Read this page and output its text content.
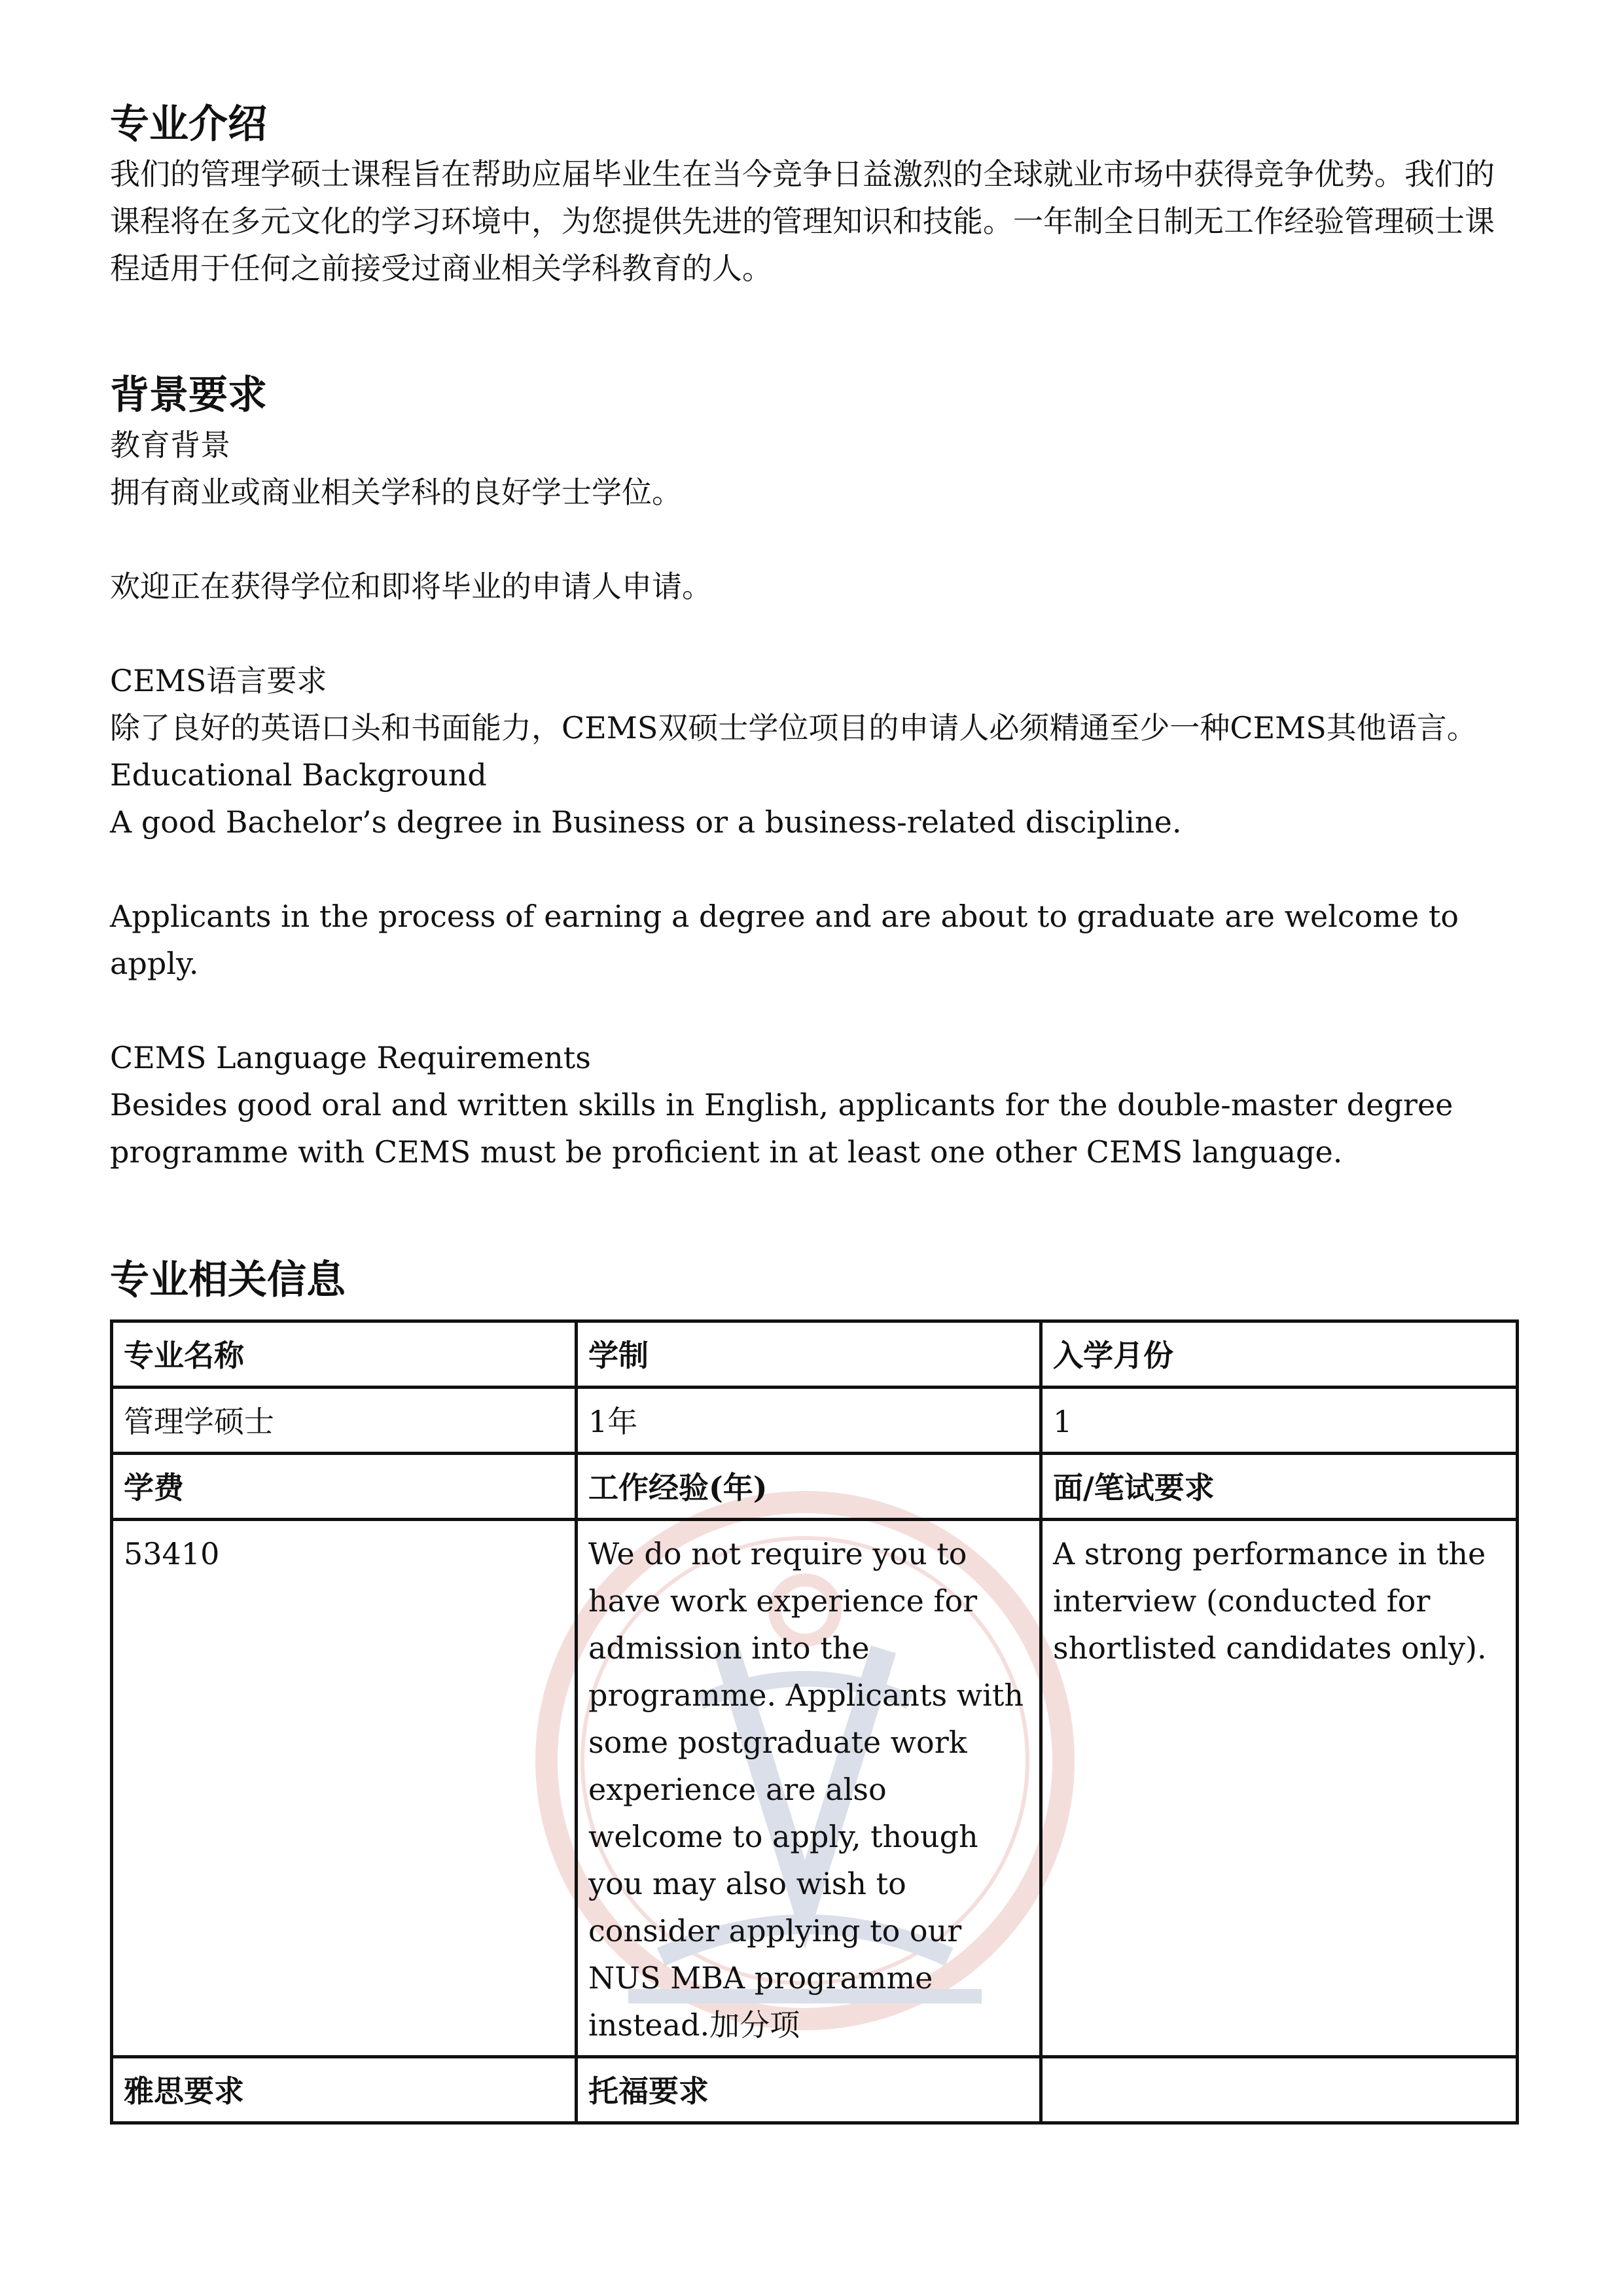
专业介绍

我们的管理学硕士课程旨在帮助应届毕业生在当今竞争日益激烈的全球就业市场中获得竞争优势。我们的课程将在多元文化的学习环境中，为您提供先进的管理知识和技能。一年制全日制无工作经验管理硕士课程适用于任何之前接受过商业相关学科教育的人。

背景要求

教育背景

拥有商业或商业相关学科的良好学士学位。

欢迎正在获得学位和即将毕业的申请人申请。

CEMS语言要求

除了良好的英语口头和书面能力，CEMS双硕士学位项目的申请人必须精通至少一种CEMS其他语言。

Educational Background

A good Bachelor’s degree in Business or a business-related discipline.

Applicants in the process of earning a degree and are about to graduate are welcome to apply.

CEMS Language Requirements

Besides good oral and written skills in English, applicants for the double-master degree programme with CEMS must be proficient in at least one other CEMS language.

专业相关信息
专业名称	学制	入学月份
管理学硕士	1年	1
学费	工作经验(年)	面/笔试要求
53410	We do not require you to have work experience for admission into the programme. Applicants with some postgraduate work experience are also welcome to apply, though you may also wish to consider applying to our NUS MBA programme instead.加分项	A strong performance in the interview (conducted for shortlisted candidates only).
雅思要求	托福要求	
